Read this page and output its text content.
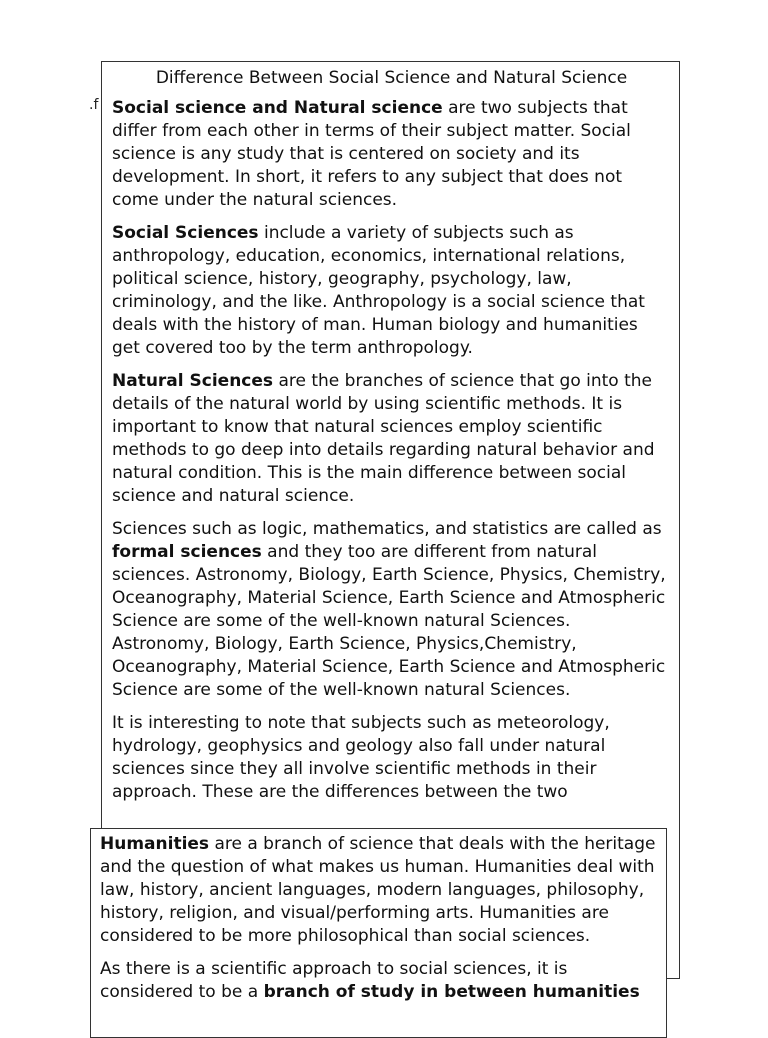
.f
Difference Between Social Science and Natural Science

Social science and Natural science are two subjects that differ from each other in terms of their subject matter. Social science is any study that is centered on society and its development. In short, it refers to any subject that does not come under the natural sciences.

Social Sciences include a variety of subjects such as anthropology, education, economics, international relations, political science, history, geography, psychology, law, criminology, and the like. Anthropology is a social science that deals with the history of man. Human biology and humanities get covered too by the term anthropology.

Natural Sciences are the branches of science that go into the details of the natural world by using scientific methods. It is important to know that natural sciences employ scientific methods to go deep into details regarding natural behavior and natural condition. This is the main difference between social science and natural science.

Sciences such as logic, mathematics, and statistics are called as formal sciences and they too are different from natural sciences. Astronomy, Biology, Earth Science, Physics, Chemistry, Oceanography, Material Science, Earth Science and Atmospheric Science are some of the well-known natural Sciences. Astronomy, Biology, Earth Science, Physics,Chemistry, Oceanography, Material Science, Earth Science and Atmospheric Science are some of the well-known natural Sciences.

It is interesting to note that subjects such as meteorology, hydrology, geophysics and geology also fall under natural sciences since they all involve scientific methods in their approach. These are the differences between the two

Humanities are a branch of science that deals with the heritage and the question of what makes us human. Humanities deal with law, history, ancient languages, modern languages, philosophy, history, religion, and visual/performing arts. Humanities are considered to be more philosophical than social sciences.

As there is a scientific approach to social sciences, it is considered to be a branch of study in between humanities
